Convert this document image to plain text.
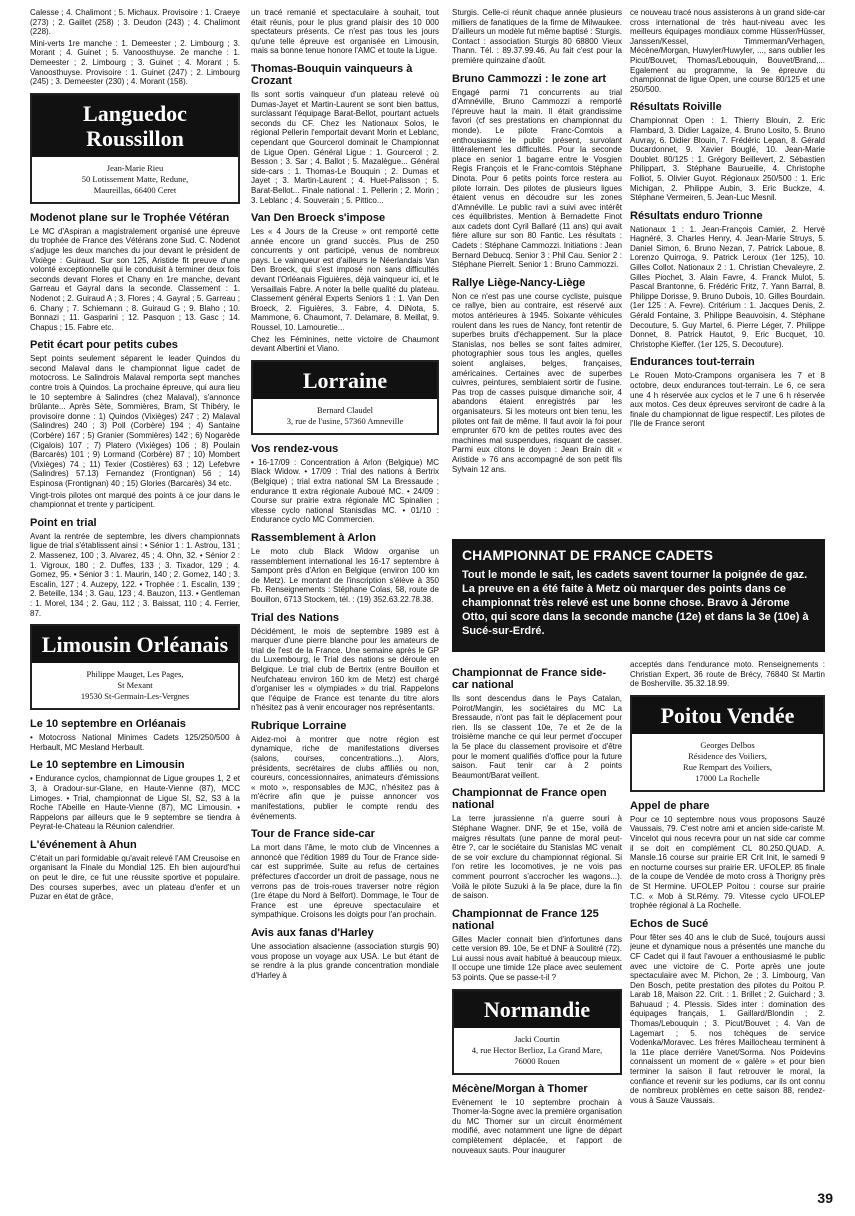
Calesse ; 4. Chalimont ; 5. Michaux. Provisoire : 1. Craeye (273) ; 2. Gaillet (258) ; 3. Deudon (243) ; 4. Chalimont (228).

Mini-verts 1re manche : 1. Demeester ; 2. Limbourg ; 3. Morant ; 4. Guinet ; 5. Vanoosthuyse. 2e manche : 1. Demeester ; 2. Limbourg ; 3. Guinet ; 4. Morant ; 5. Vanoosthuyse. Provisoire : 1. Guinet (247) ; 2. Limbourg (245) ; 3. Demeester (230) ; 4. Morant (158).

Languedoc Roussillon
Jean-Marie Rieu
50 Lotissement Matte, Redune,
Maureillas, 66400 Ceret
Modenot plane sur le Trophée Vétéran

Le MC d'Aspiran a magistralement organisé une épreuve du trophée de France des Vétérans zone Sud. C. Nodenot s'adjuge les deux manches du jour devant le président de Vixiège : Guiraud. Sur son 125, Aristide fit preuve d'une volonté exceptionnelle qui le conduisit à terminer deux fois seconds devant Flores et Chany en 1re manche, devant Garreau et Gayral dans la seconde. Classement : 1. Nodenot ; 2. Guiraud A ; 3. Flores ; 4. Gayral ; 5. Garreau ; 6. Chany ; 7. Schiemann ; 8. Guiraud G ; 9. Blaho ; 10. Bonnazi ; 11. Gasparini ; 12. Pasquon ; 13. Gasc ; 14. Chapus ; 15. Fabre etc.

Petit écart pour petits cubes

Sept points seulement séparent le leader Quindos du second Malaval dans le championnat ligue cadet de motocross. Le Salindrois Malaval remporta sept manches contre trois à Quindos. La prochaine épreuve, qui aura lieu le 10 septembre à Salindres (chez Malaval), s'annonce brûlante... Après Sète, Sommières, Bram, St Thibéry, le provisoire donne : 1) Quindos (Vixièges) 247 ; 2) Malaval (Salindres) 240 ; 3) Poll (Corbère) 194 ; 4) Santaine (Corbère) 167 ; 5) Granier (Sommières) 142 ; 6) Nogarède (Cigalois) 107 ; 7) Platero (Vixièges) 106 ; 8) Poulain (Barcarès) 101 ; 9) Lormand (Corbère) 87 ; 10) Mombert (Vixièges) 74 ; 11) Texier (Costières) 63 ; 12) Lefebvre (Salindres) 57.13) Fernandez (Frontignan) 56 ; 14) Espinosa (Frontignan) 40 ; 15) Glories (Barcarès) 34 etc.

Vingt-trois pilotes ont marqué des points à ce jour dans le championnat et trente y participent.

Point en trial

Avant la rentrée de septembre, les divers championnats ligue de trial s'établissent ainsi : • Sénior 1 : 1. Astrou, 131 ; 2. Massenez, 100 ; 3. Alvarez, 45 ; 4. Ohn, 32. • Sénior 2 : 1. Vigroux, 180 ; 2. Duffes, 133 ; 3. Tixador, 129 ; 4. Gomez, 95. • Sénior 3 : 1. Maurin, 140 ; 2. Gomez, 140 ; 3. Escalin, 127 ; 4. Auzepy, 122. • Trophée : 1. Escalin, 139 ; 2. Beteille, 134 ; 3. Gau, 123 ; 4. Bauzon, 113. • Gentleman : 1. Morel, 134 ; 2. Gau, 112 ; 3. Baissat, 110 ; 4. Ferrier, 87.

Limousin Orléanais
Philippe Mauget, Les Pages,
St Mexant
19530 St-Germain-Les-Vergnes
Le 10 septembre en Orléanais

• Motocross National Minimes Cadets 125/250/500 à Herbault, MC Mesland Herbault.

Le 10 septembre en Limousin

• Endurance cyclos, championnat de Ligue groupes 1, 2 et 3, à Oradour-sur-Glane, en Haute-Vienne (87), MCC Limoges. • Trial, championnat de Ligue SI, S2, S3 à la Roche l'Abeille en Haute-Vienne (87), MC Limousin. • Rappelons par ailleurs que le 9 septembre se tiendra à Peyrat-le-Chateau la Réunion calendrier.

L'événement à Ahun

C'était un pari formidable qu'avait relevé l'AM Creusoise en organisant la Finale du Mondial 125. Eh bien aujourd'hui on peut le dire, ce fut une réussite sportive et populaire. Des courses superbes, avec un plateau d'enfer et un Puzar en état de grâce,

un tracé remanié et spectaculaire à souhait, tout était réunis, pour le plus grand plaisir des 10 000 spectateurs présents. Ce n'est pas tous les jours qu'une telle épreuve est organisée en Limousin, mais sa bonne tenue honore l'AMC et toute la Ligue.

Thomas-Bouquin vainqueurs à Crozant

Ils sont sortis vainqueur d'un plateau relevé où Dumas-Jayet et Martin-Laurent se sont bien battus, surclassant l'équipage Barat-Bellot, pourtant actuels seconds du CF. Chez les Nationaux Solos, le régional Pellerin l'emportait devant Morin et Leblanc, cependant que Gourcerol dominait le Championnat de Ligue Open. Général Ligue : 1. Gourcerol ; 2. Besson ; 3. Sar ; 4. Ballot ; 5. Mazalègue... Général side-cars : 1. Thomas-Le Bouquin ; 2. Dumas et Jayet ; 3. Martin-Laurent ; 4. Huet-Palisson ; 5. Barat-Bellot... Finale national : 1. Pellerin ; 2. Morin ; 3. Leblanc ; 4. Souverain ; 5. Pittico...

Van Den Broeck s'impose

Les « 4 Jours de la Creuse » ont remporté cette année encore un grand succès. Plus de 250 concurrents y ont participé, venus de nombreux pays. Le vainqueur est d'ailleurs le Néerlandais Van Den Broeck, qui s'est imposé non sans difficultés devant l'Orléanais Figuières, déjà vainqueur ici, et le Versaillais Fabre. A noter la belle qualité du plateau. Classement général Experts Seniors 1 : 1. Van Den Broeck, 2. Figuières, 3. Fabre, 4. DiNota, 5. Mammone, 6. Chaumont, 7. Delamare, 8. Meillat, 9. Roussel, 10. Lamouretie...

Chez les Féminines, nette victoire de Chaumont devant Albertini et Viano.

Lorraine
Bernard Claudel
3, rue de l'usine, 57360 Amneville
Vos rendez-vous

• 16-17/09 : Concentration à Arlon (Belgique) MC Black Widow. • 17/09 : Trial des nations à Bertrix (Belgique) ; trial extra national SM La Bressaude ; endurance tt extra régionale Auboué MC. • 24/09 : Course sur prairie extra régionale MC Spinalien ; vitesse cyclo national Stanisdlas MC. • 01/10 : Endurance cyclo MC Commercien.

Rassemblement à Arlon

Le moto club Black Widow organise un rassemblement international les 16-17 septembre à Sampont près d'Arlon en Belgique (environ 100 km de Metz). Le montant de l'inscription s'élève à 350 Fb. Renseignements : Stéphane Colas, 58, route de Bouillon, 6713 Stockem, tél. : (19) 352.63.22.78.38.

Trial des Nations

Décidément, le mois de septembre 1989 est à marquer d'une pierre blanche pour les amateurs de trial de l'est de la France. Une semaine après le GP du Luxembourg, le Trial des nations se déroule en Belgique. Le trial club de Bertrix (entre Bouillon et Neufchateau environ 160 km de Metz) est chargé d'organiser les « olympiades » du trial. Rappelons que l'équipe de France est tenante du titre alors n'hésitez pas à venir encourager nos représentants.

Rubrique Lorraine

Aidez-moi à montrer que notre région est dynamique, riche de manifestations diverses (salons, courses, concentrations...). Alors, présidents, secrétaires de clubs affiliés ou non, coureurs, concessionnaires, animateurs d'émissions « moto », responsables de MJC, n'hésitez pas à m'écrire afin que je puisse annoncer vos manifestations, publier le compte rendu des événements.

Tour de France side-car

La mort dans l'âme, le moto club de Vincennes a annoncé que l'édition 1989 du Tour de France side-car est supprimée. Suite au refus de certaines préfectures d'accorder un droit de passage, nous ne verrons pas de trois-roues traverser notre région (1re étape du Nord à Belfort). Dommage, le Tour de France est une épreuve spectaculaire et sympathique. Croisons les doigts pour l'an prochain.

Avis aux fanas d'Harley

Une association alsacienne (association sturgis 90) vous propose un voyage aux USA. Le but étant de se rendre à la plus grande concentration mondiale d'Harley à

Sturgis. Celle-ci réunit chaque année plusieurs milliers de fanatiques de la firme de Milwaukee. D'ailleurs un modèle fut même baptisé : Sturgis. Contact : association Sturgis 80 68800 Vieux Thann. Tél. : 89.37.99.46. Au fait c'est pour la première quinzaine d'août.

Bruno Cammozzi : le zone art

Engagé parmi 71 concurrents au trial d'Amnéville, Bruno Cammozzi a remporté l'épreuve haut la main. Il était grandissime favori (cf ses prestations en championnat du monde). Le pilote Franc-Comtois a enthousiasmé le public présent, survolant littéralement les difficultés. Pour la seconde place en senior 1 bagarre entre le Vosgien Regis François et le Franc-comtois Stéphane Dinota. Pour 6 petits points force restera au pilote lorrain. Des pilotes de plusieurs ligues étaient venus en découdre sur les zones d'Amnéville. Le public ravi a suivi avec intérêt ces équilibristes. Mention à Bernadette Finot aux cadets dont Cyril Ballaré (11 ans) qui avait fière allure sur son 80 Fantic. Les résultats : Cadets : Stéphane Cammozzi. Initiations : Jean Bernard Debucq. Senior 3 : Phil Cau. Senior 2 : Stéphane Pierrelt. Senior 1 : Bruno Cammozzi.

Rallye Liège-Nancy-Liège

Non ce n'est pas une course cycliste, puisque ce rallye, bien au contraire, est réservé aux motos antérieures à 1945. Soixante véhicules roulent dans les rues de Nancy, font retentir de superbes bruits d'échappement. Sur la place Stanislas, nos belles se sont faites admirer, photographier sous tous les angles, quelles soient anglaises, belges, françaises, américaines. Certaines avec de superbes cuivres, peintures, semblaient sortir de l'usine. Pas trop de casses puisque dimanche soir, 4 abandons étaient enregistrés par les organisateurs. Si les moteurs ont bien tenu, les pilotes ont fait de même. Il faut avoir la foi pour emprunter 670 km de petites routes avec des machines mal suspendues, risquant de casser. Parmi eux citons le doyen : Jean Brain dit « Aristide » 76 ans accompagné de son petit fils Sylvain 12 ans.

ce nouveau tracé nous assisterons à un grand side-car cross international de très haut-niveau avec les meilleurs équipages mondiaux comme Hüsser/Hüsser, Janssen/Kessel, Timmerman/Verhagen, Mécène/Morgan, Huwyler/Huwyler, ..., sans oublier les Picut/Bouvet, Thomas/Lebouquin, Bouvet/Brand,... Egalement au programme, la 9e épreuve du championnat de ligue Open, une course 80/125 et une 250/500.

Résultats Roiville

Championnat Open : 1. Thierry Blouin, 2. Eric Flambard, 3. Didier Lagaize, 4. Bruno Losito, 5. Bruno Auvray, 6. Didier Blouin, 7. Frédéric Lepan, 8. Gérald Ducardonnet, 9. Xavier Bouglé, 10. Jean-Marie Doublet. 80/125 : 1. Grégory Beillevert, 2. Sébastien Philippart, 3. Stéphane Baurueille, 4. Christophe Folliot, 5. Olivier Guyot. Régionaux 250/500 : 1. Eric Michigan, 2. Philippe Aubin, 3. Eric Buckze, 4. Stéphane Vermeiren, 5. Jean-Luc Mesnil.

Résultats enduro Trionne

Nationaux 1 : 1. Jean-François Camier, 2. Hervé Hagnéré, 3. Charles Henry, 4. Jean-Marie Struys, 5. Daniel Simon, 6. Bruno Nezan, 7. Patrick Laboue, 8. Lorenzo Quirroga, 9. Patrick Leroux (1er 125), 10. Gilles Collot. Nationaux 2 : 1. Christian Chevaleyre, 2. Gilles Piochet, 3. Alain Favre, 4. Franck Mulot, 5. Pascal Brantonne, 6. Frédéric Fritz, 7. Yann Barral, 8. Philippe Dorisse, 9. Bruno Dubois, 10. Gilles Bourdain. (1er 125 : A. Fevre). Critérium : 1. Jacques Denis, 2. Gérald Fontaine, 3. Philippe Beauvoisin, 4. Stéphane Decouture, 5. Guy Martel, 6. Pierre Léger, 7. Philippe Donnet, 8. Patrick Hautot, 9. Eric Bucquet, 10. Christophe Kieffer. (1er 125, S. Decouture).

Endurances tout-terrain

Le Rouen Moto-Crampons organisera les 7 et 8 octobre, deux endurances tout-terrain. Le 6, ce sera une 4 h réservée aux cyclos et le 7 une 6 h réservée aux motos. Ces deux épreuves serviront de cadre à la finale du championnat de ligue respectif. Les pilotes de l'Ile de France seront

CHAMPIONNAT DE FRANCE CADETS
Tout le monde le sait, les cadets savent tourner la poignée de gaz. La preuve en a été faite à Metz où marquer des points dans ce championnat très relevé est une bonne chose. Bravo à Jérome Otto, qui score dans la seconde manche (12e) et dans la 3e (10e) à Sucé-sur-Erdré.
Championnat de France side-car national

Ils sont descendus dans le Pays Catalan, Poirot/Mangin, les sociétaires du MC La Bressaude, n'ont pas fait le déplacement pour rien. Ils se classent 10e, 7e et 2e de la troisième manche ce qui leur permet d'occuper la 5e place du classement provisoire et d'être pour le moment qualifiés d'office pour la future saison. Faut tenir car à 2 points Beaumont/Barat veillent.

Championnat de France open national

La terre jurassienne n'a guerre souri à Stéphane Wagner. DNF, 9e et 15e, voilà de maigres résultats (une panne de moral peut-être ?, car le sociétaire du Stanislas MC venait de se voir exclure du championnat régional. Si l'on retire les locomotives, je ne vois pas comment pourront s'accrocher les wagons...). Voilà le pilote Suzuki à la 9e place, dure la fin de saison.

Championnat de France 125 national

Gilles Macler connait bien d'infortunes dans cette version 89. 10e, 5e et DNF à Soulitré (72). Lui aussi nous avait habitué à beaucoup mieux. Il occupe une timide 12e place avec seulement 53 points. Que se passe-t-il ?

Normandie
Jacki Courtin
4, rue Hector Berlioz, La Grand Mare,
76000 Rouen
Mécène/Morgan à Thomer

Evènement le 10 septembre prochain à Thomer-la-Sogne avec la première organisation du MC Thomer sur un circuit énormément modifié, avec notamment une ligne de départ complètement déplacée, et l'apport de nouveaux sauts. Pour inaugurer

acceptés dans l'endurance moto. Renseignements : Christian Expert, 36 route de Brécy, 76840 St Martin de Bosherville. 35.32.18.99.

Poitou Vendée
Georges Delbos
Résidence des Voiliers,
Rue Rempart des Voiliers,
17000 La Rochelle
Appel de phare

Pour ce 10 septembre nous vous proposons Sauzé Vaussais, 79. C'est notre ami et ancien side-cariste M. Vincelot qui nous recevra pour un nat side car comme il se doit en complément CL 80.250.QUAD. A. Mansle.16 course sur prairie ER Crit Init, le samedi 9 en nocturne courses sur prairie ER. UFOLEP. 85 finale de la coupe de Vendée de moto cross à Thorigny près de St Hermine. UFOLEP Poitou : course sur prairie T.C. « Mob à St.Rémy. 79. Vitesse cyclo UFOLEP trophée régional à La Rochelle.

Echos de Sucé

Pour fêter ses 40 ans le club de Sucé, toujours aussi jeune et dynamique nous a présentés une manche du CF Cadet qui il faut l'avouer a enthousiasmé le public avec une victoire de C. Porte après une joute spectaculaire avec M. Pichon, 2e ; 3. Limbourg, Van Den Bosch, petite prestation des pilotes du Poitou P. Larab 18, Maison 22. Crit. : 1. Brillet ; 2. Guichard ; 3. Bahuaud ; 4. Plessis. Sides inter : domination des équipages français, 1. Gaillard/Blondin ; 2. Thomas/Lebouquin ; 3. Picut/Bouvet ; 4. Van de Lagemart ; 5. nos tchèques de service Vodenka/Moravec. Les frères Maillocheau terminent à la 11e place derrière Vanet/Sorma. Nos Poidevins connaissent un moment de « galère » et pour bien terminer la saison il faut retrouver le moral, la confiance et revenir sur les podiums, car ils ont connu de nombreux problèmes en cette saison 88, rendez-vous à Sauze Vaussais.

39
